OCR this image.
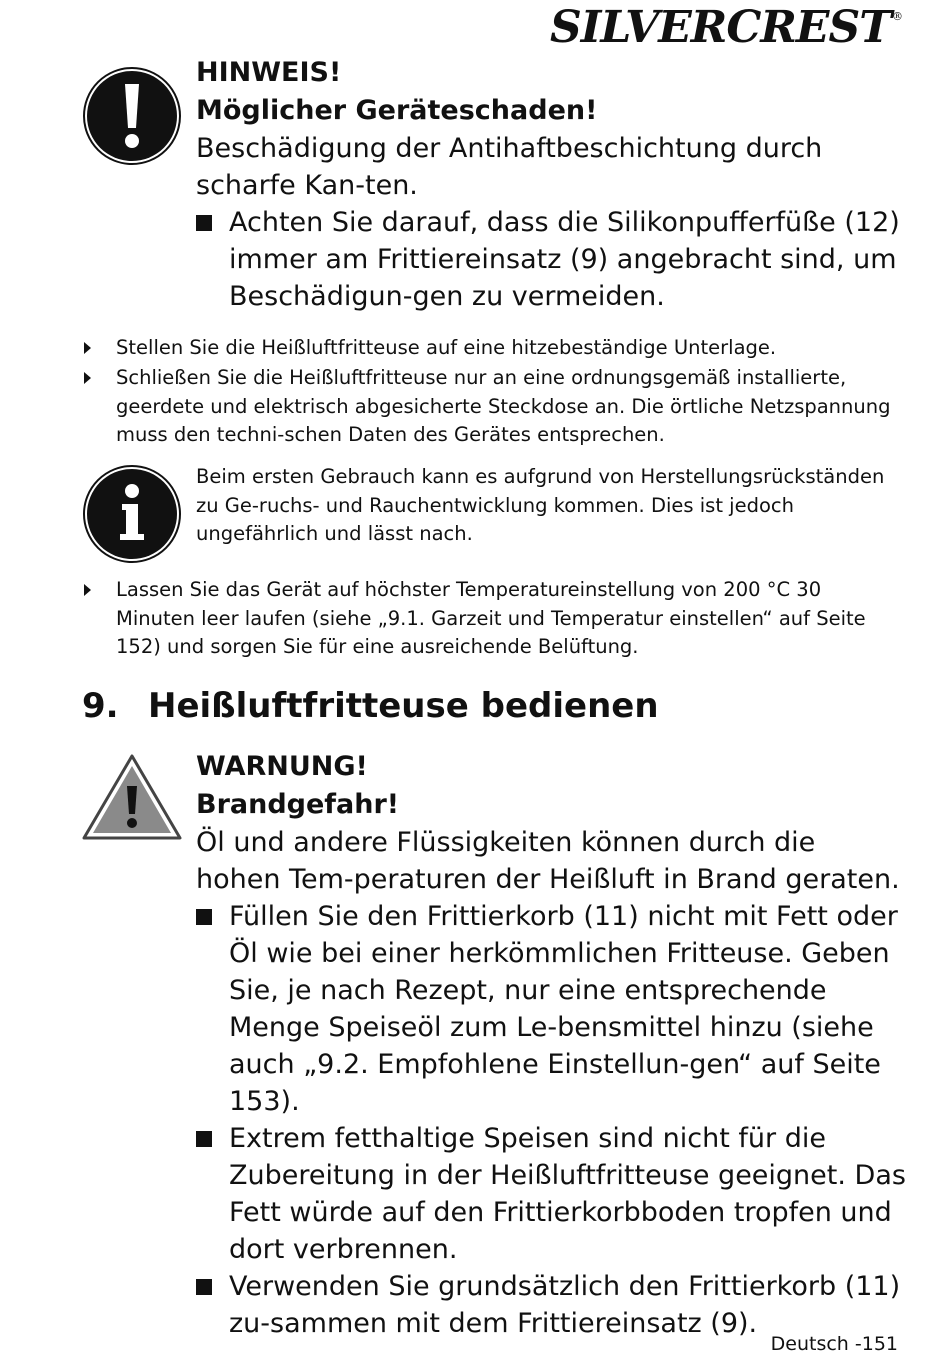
SILVERCREST®

HINWEIS!

Möglicher Geräteschaden!

Beschädigung der Antihaftbeschichtung durch scharfe Kan-ten.

Achten Sie darauf, dass die Silikonpufferfüße (12) immer am Frittiereinsatz (9) angebracht sind, um Beschädigun-gen zu vermeiden.
Stellen Sie die Heißluftfritteuse auf eine hitzebeständige Unterlage.
Schließen Sie die Heißluftfritteuse nur an eine ordnungsgemäß installierte, geerdete und elektrisch abgesicherte Steckdose an. Die örtliche Netzspannung muss den techni-schen Daten des Gerätes entsprechen.

Beim ersten Gebrauch kann es aufgrund von Herstellungsrückständen zu Ge-ruchs- und Rauchentwicklung kommen. Dies ist jedoch ungefährlich und lässt nach.

Lassen Sie das Gerät auf höchster Temperatureinstellung von 200 °C 30 Minuten leer laufen (siehe „9.1. Garzeit und Temperatur einstellen“ auf Seite 152) und sorgen Sie für eine ausreichende Belüftung.
9. Heißluftfritteuse bedienen

WARNUNG!

Brandgefahr!

Öl und andere Flüssigkeiten können durch die hohen Tem-peraturen der Heißluft in Brand geraten.

Füllen Sie den Frittierkorb (11) nicht mit Fett oder Öl wie bei einer herkömmlichen Fritteuse. Geben Sie, je nach Rezept, nur eine entsprechende Menge Speiseöl zum Le-bensmittel hinzu (siehe auch „9.2. Empfohlene Einstellun-gen“ auf Seite 153).
Extrem fetthaltige Speisen sind nicht für die Zubereitung in der Heißluftfritteuse geeignet. Das Fett würde auf den Frittierkorbboden tropfen und dort verbrennen.
Verwenden Sie grundsätzlich den Frittierkorb (11) zu-sammen mit dem Frittiereinsatz (9).
Deutsch -151
